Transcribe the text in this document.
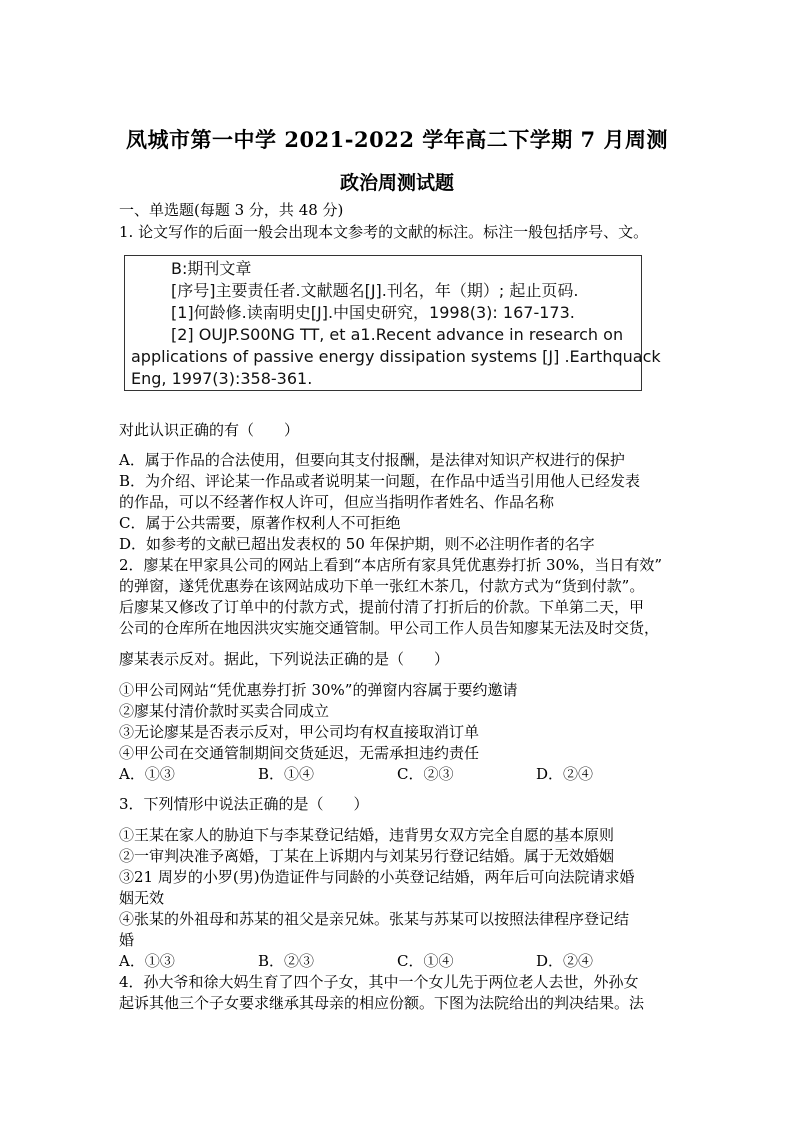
凤城市第一中学 2021-2022 学年高二下学期 7 月周测
政治周测试题
一、单选题(每题 3 分，共 48 分)
1. 论文写作的后面一般会出现本文参考的文献的标注。标注一般包括序号、文。
B:期刊文章
[序号]主要责任者.文献题名[J].刊名，年（期）; 起止页码.
[1]何龄修.读南明史[J].中国史研究，1998(3): 167-173.
[2] OUJP.S00NG TT, et a1.Recent advance in research on
applications of passive energy dissipation systems [J] .Earthquack
Eng, 1997(3):358-361.
对此认识正确的有（　　）
A．属于作品的合法使用，但要向其支付报酬，是法律对知识产权进行的保护
B．为介绍、评论某一作品或者说明某一问题，在作品中适当引用他人已经发表
的作品，可以不经著作权人许可，但应当指明作者姓名、作品名称
C．属于公共需要，原著作权利人不可拒绝
D．如参考的文献已超出发表权的 50 年保护期，则不必注明作者的名字
2．廖某在甲家具公司的网站上看到“本店所有家具凭优惠券打折 30%，当日有效”
的弹窗，遂凭优惠券在该网站成功下单一张红木茶几，付款方式为“货到付款”。
后廖某又修改了订单中的付款方式，提前付清了打折后的价款。下单第二天，甲
公司的仓库所在地因洪灾实施交通管制。甲公司工作人员告知廖某无法及时交货，
廖某表示反对。据此，下列说法正确的是（　　）
①甲公司网站“凭优惠券打折 30%”的弹窗内容属于要约邀请
②廖某付清价款时买卖合同成立
③无论廖某是否表示反对，甲公司均有权直接取消订单
④甲公司在交通管制期间交货延迟，无需承担违约责任
A．①③	B．①④	C．②③	D．②④
3．下列情形中说法正确的是（　　）
①王某在家人的胁迫下与李某登记结婚，违背男女双方完全自愿的基本原则
②一审判决准予离婚，丁某在上诉期内与刘某另行登记结婚。属于无效婚姻
③21 周岁的小罗(男)伪造证件与同龄的小英登记结婚，两年后可向法院请求婚
姻无效
④张某的外祖母和苏某的祖父是亲兄妹。张某与苏某可以按照法律程序登记结
婚
A．①③	B．②③	C．①④	D．②④
4．孙大爷和徐大妈生育了四个子女，其中一个女儿先于两位老人去世，外孙女
起诉其他三个子女要求继承其母亲的相应份额。下图为法院给出的判决结果。法
